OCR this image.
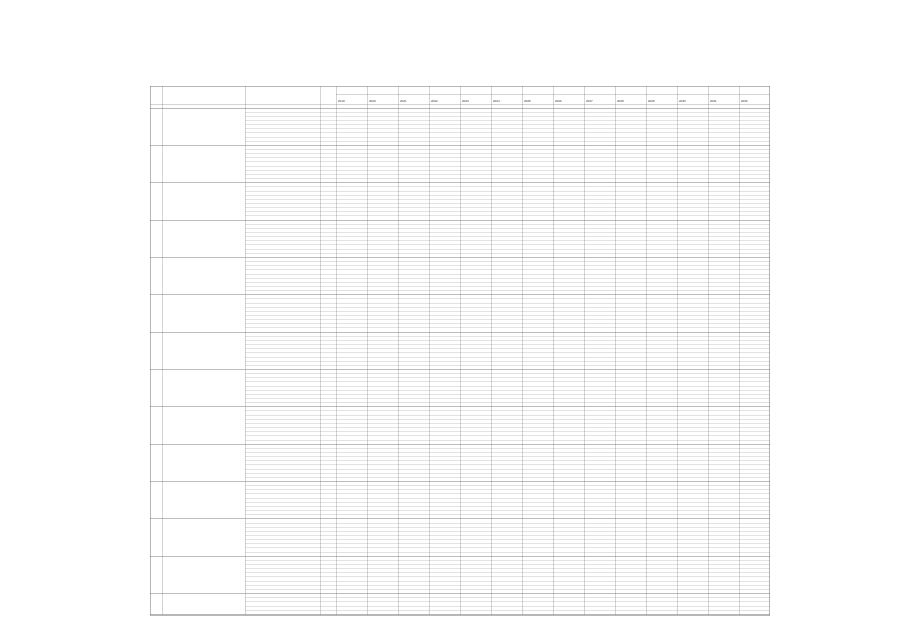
2019	2020	2021	2022	2023	2024	2025	2026	2027	2028	2029	2030	2031	2032
